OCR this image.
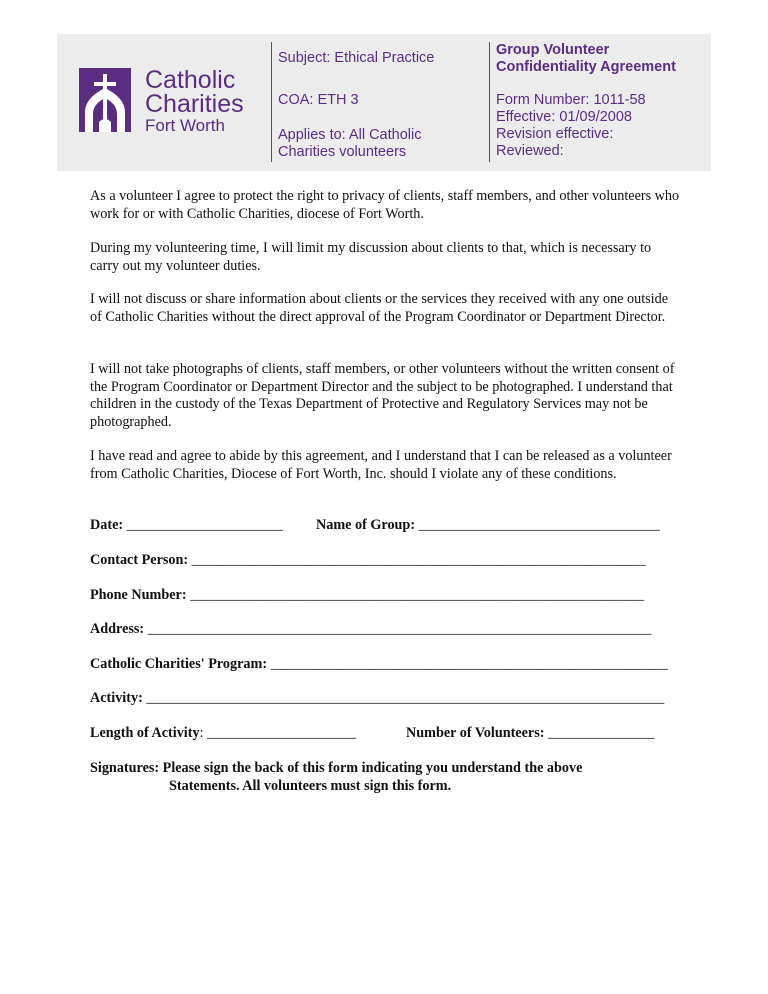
Catholic
Charities
Fort Worth
Subject: Ethical Practice
COA: ETH 3
Applies to: All Catholic
Charities volunteers
Group Volunteer
Confidentiality Agreement
Form Number: 1011-58
Effective: 01/09/2008
Revision effective:
Reviewed:
As a volunteer I agree to protect the right to privacy of clients, staff members, and other volunteers who work for or with Catholic Charities, diocese of Fort Worth.
During my volunteering time, I will limit my discussion about clients to that, which is necessary to carry out my volunteer duties.
I will not discuss or share information about clients or the services they received with any one outside of Catholic Charities without the direct approval of the Program Coordinator or Department Director.
I will not take photographs of clients, staff members, or other volunteers without the written consent of the Program Coordinator or Department Director and the subject to be photographed. I understand that children in the custody of the Texas Department of Protective and Regulatory Services may not be photographed.
I have read and agree to abide by this agreement, and I understand that I can be released as a volunteer from Catholic Charities, Diocese of Fort Worth, Inc. should I violate any of these conditions.
Date: ______________________ Name of Group: __________________________________
Contact Person: ________________________________________________________________
Phone Number: ________________________________________________________________
Address: _______________________________________________________________________
Catholic Charities' Program: ________________________________________________________
Activity: _________________________________________________________________________
Length of Activity: _____________________	Number of Volunteers: _______________
Signatures: Please sign the back of this form indicating you understand the above
Statements. All volunteers must sign this form.
